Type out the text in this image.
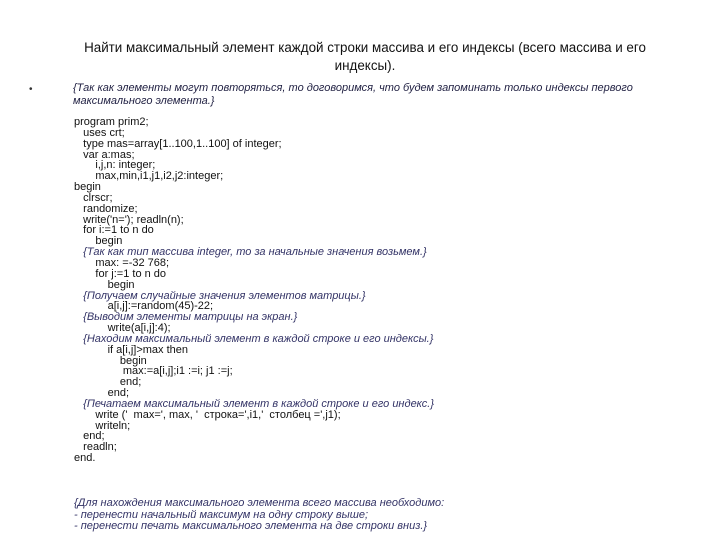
Найти максимальный элемент каждой строки массива и его индексы (всего массива и его индексы).
•	{Так как элементы могут повторяться, то договоримся, что будем запоминать только индексы первого максимального элемента.}
program prim2;
uses crt;
type mas=array[1..100,1..100] of integer;
var a:mas;
i,j,n: integer;
max,min,i1,j1,i2,j2:integer;
begin
clrscr;
randomize;
write('n='); readln(n);
for i:=1 to n do
begin
{Так как тип массива integer, то за начальные значения возьмем.}
max: =-32 768;
for j:=1 to n do
begin
{Получаем случайные значения элементов матрицы.}
a[i,j]:=random(45)-22;
{Выводим элементы матрицы на экран.}
write(a[i,j]:4);
{Находим максимальный элемент в каждой строке и его индексы.}
if a[i,j]>max then
begin
max:=a[i,j];i1 :=i; j1 :=j;
end;
end;
{Печатаем максимальный элемент в каждой строке и его индекс.}
write ('  max=', max, '  строка=',i1,'  столбец =',j1);
writeln;
end;
readln;
end.
{Для нахождения максимального элемента всего массива необходимо:
- перенести начальный максимум на одну строку выше;
- перенести печать максимального элемента на две строки вниз.}
